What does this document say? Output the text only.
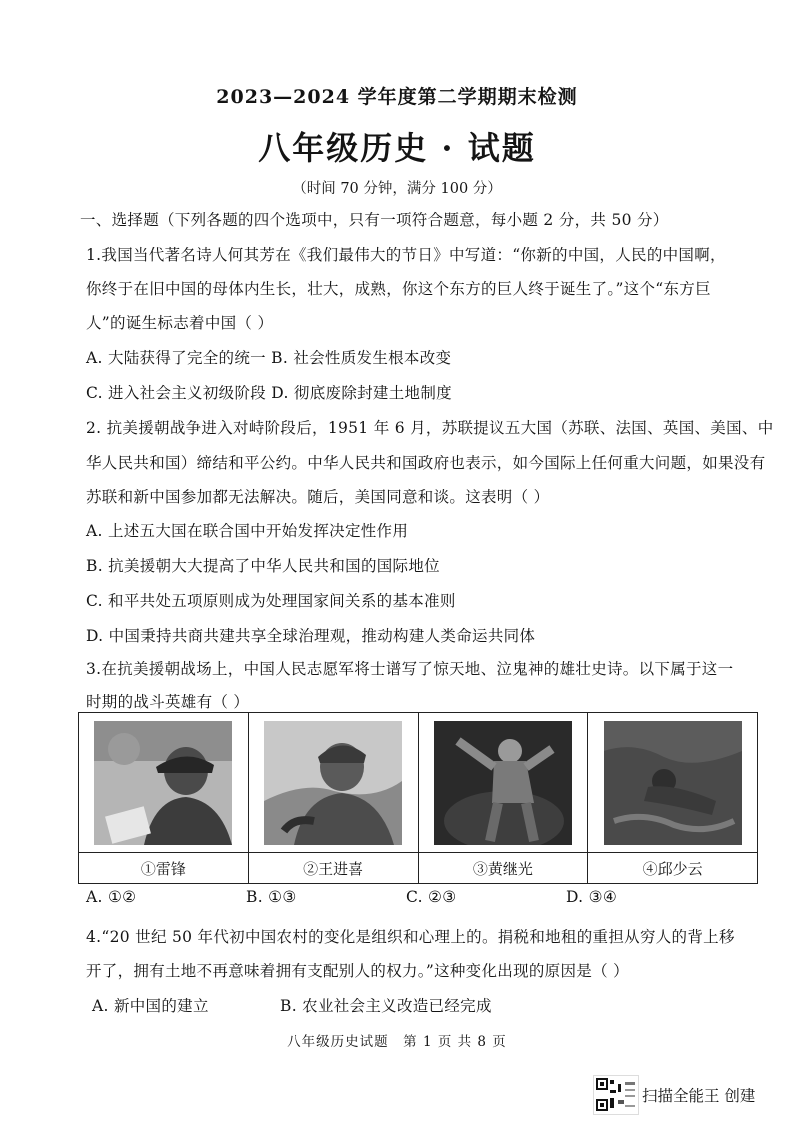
2023—2024 学年度第二学期期末检测
八年级历史 · 试题
（时间 70 分钟，满分 100 分）
一、选择题（下列各题的四个选项中，只有一项符合题意，每小题 2 分，共 50 分）
1.我国当代著名诗人何其芳在《我们最伟大的节日》中写道：“你新的中国，人民的中国啊，
你终于在旧中国的母体内生长，壮大，成熟，你这个东方的巨人终于诞生了。”这个“东方巨
人”的诞生标志着中国（ ）
A. 大陆获得了完全的统一 B. 社会性质发生根本改变
C. 进入社会主义初级阶段 D. 彻底废除封建土地制度
2. 抗美援朝战争进入对峙阶段后，1951 年 6 月，苏联提议五大国（苏联、法国、英国、美国、中
华人民共和国）缔结和平公约。中华人民共和国政府也表示，如今国际上任何重大问题，如果没有
苏联和新中国参加都无法解决。随后，美国同意和谈。这表明（ ）
A. 上述五大国在联合国中开始发挥决定性作用
B. 抗美援朝大大提高了中华人民共和国的国际地位
C. 和平共处五项原则成为处理国家间关系的基本准则
D. 中国秉持共商共建共享全球治理观，推动构建人类命运共同体
3.在抗美援朝战场上，中国人民志愿军将士谱写了惊天地、泣鬼神的雄壮史诗。以下属于这一
时期的战斗英雄有（ ）
①雷锋	②王进喜	③黄继光	④邱少云
A. ①②	B. ①③	C. ②③	D. ③④
4.“20 世纪 50 年代初中国农村的变化是组织和心理上的。捐税和地租的重担从穷人的背上移
开了，拥有土地不再意味着拥有支配别人的权力。”这种变化出现的原因是（ ）
A. 新中国的建立	B. 农业社会主义改造已经完成
八年级历史试题　第 1 页 共 8 页
扫描全能王 创建
